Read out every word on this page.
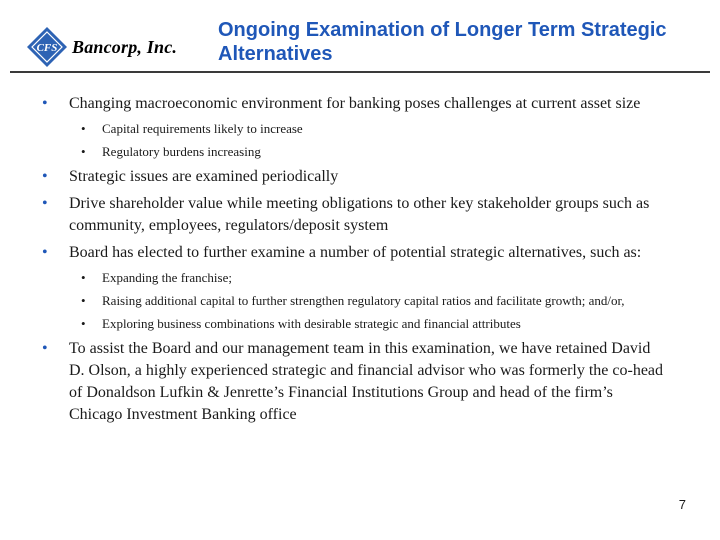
CFS Bancorp, Inc.
Ongoing Examination of Longer Term Strategic Alternatives
• Changing macroeconomic environment for banking poses challenges at current asset size
• Capital requirements likely to increase
• Regulatory burdens increasing
• Strategic issues are examined periodically
• Drive shareholder value while meeting obligations to other key stakeholder groups such as community, employees, regulators/deposit system
• Board has elected to further examine a number of potential strategic alternatives, such as:
• Expanding the franchise;
• Raising additional capital to further strengthen regulatory capital ratios and facilitate growth; and/or,
• Exploring business combinations with desirable strategic and financial attributes
• To assist the Board and our management team in this examination, we have retained David D. Olson, a highly experienced strategic and financial advisor who was formerly the co-head of Donaldson Lufkin & Jenrette’s Financial Institutions Group and head of the firm’s Chicago Investment Banking office
7
